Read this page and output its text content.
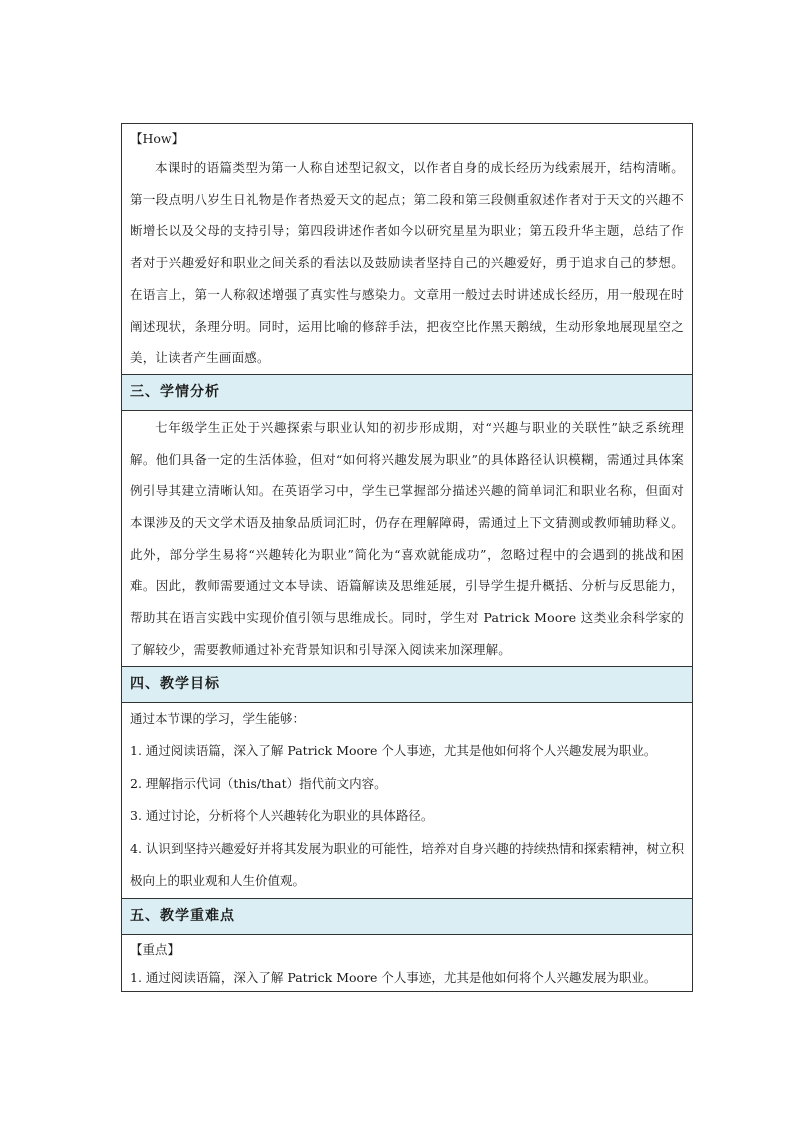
【How】

本课时的语篇类型为第一人称自述型记叙文，以作者自身的成长经历为线索展开，结构清晰。第一段点明八岁生日礼物是作者热爱天文的起点；第二段和第三段侧重叙述作者对于天文的兴趣不断增长以及父母的支持引导；第四段讲述作者如今以研究星星为职业；第五段升华主题，总结了作者对于兴趣爱好和职业之间关系的看法以及鼓励读者坚持自己的兴趣爱好，勇于追求自己的梦想。在语言上，第一人称叙述增强了真实性与感染力。文章用一般过去时讲述成长经历，用一般现在时阐述现状，条理分明。同时，运用比喻的修辞手法，把夜空比作黑天鹅绒，生动形象地展现星空之美，让读者产生画面感。

三、学情分析

七年级学生正处于兴趣探索与职业认知的初步形成期，对“兴趣与职业的关联性”缺乏系统理解。他们具备一定的生活体验，但对“如何将兴趣发展为职业”的具体路径认识模糊，需通过具体案例引导其建立清晰认知。在英语学习中，学生已掌握部分描述兴趣的简单词汇和职业名称，但面对本课涉及的天文学术语及抽象品质词汇时，仍存在理解障碍，需通过上下文猜测或教师辅助释义。此外，部分学生易将“兴趣转化为职业”简化为“喜欢就能成功”，忽略过程中的会遇到的挑战和困难。因此，教师需要通过文本导读、语篇解读及思维延展，引导学生提升概括、分析与反思能力，帮助其在语言实践中实现价值引领与思维成长。同时，学生对 Patrick Moore 这类业余科学家的了解较少，需要教师通过补充背景知识和引导深入阅读来加深理解。

四、教学目标

通过本节课的学习，学生能够：

1. 通过阅读语篇，深入了解 Patrick Moore 个人事迹，尤其是他如何将个人兴趣发展为职业。

2. 理解指示代词（this/that）指代前文内容。

3. 通过讨论，分析将个人兴趣转化为职业的具体路径。

4. 认识到坚持兴趣爱好并将其发展为职业的可能性，培养对自身兴趣的持续热情和探索精神，树立积极向上的职业观和人生价值观。

五、教学重难点

【重点】

1. 通过阅读语篇，深入了解 Patrick Moore 个人事迹，尤其是他如何将个人兴趣发展为职业。
